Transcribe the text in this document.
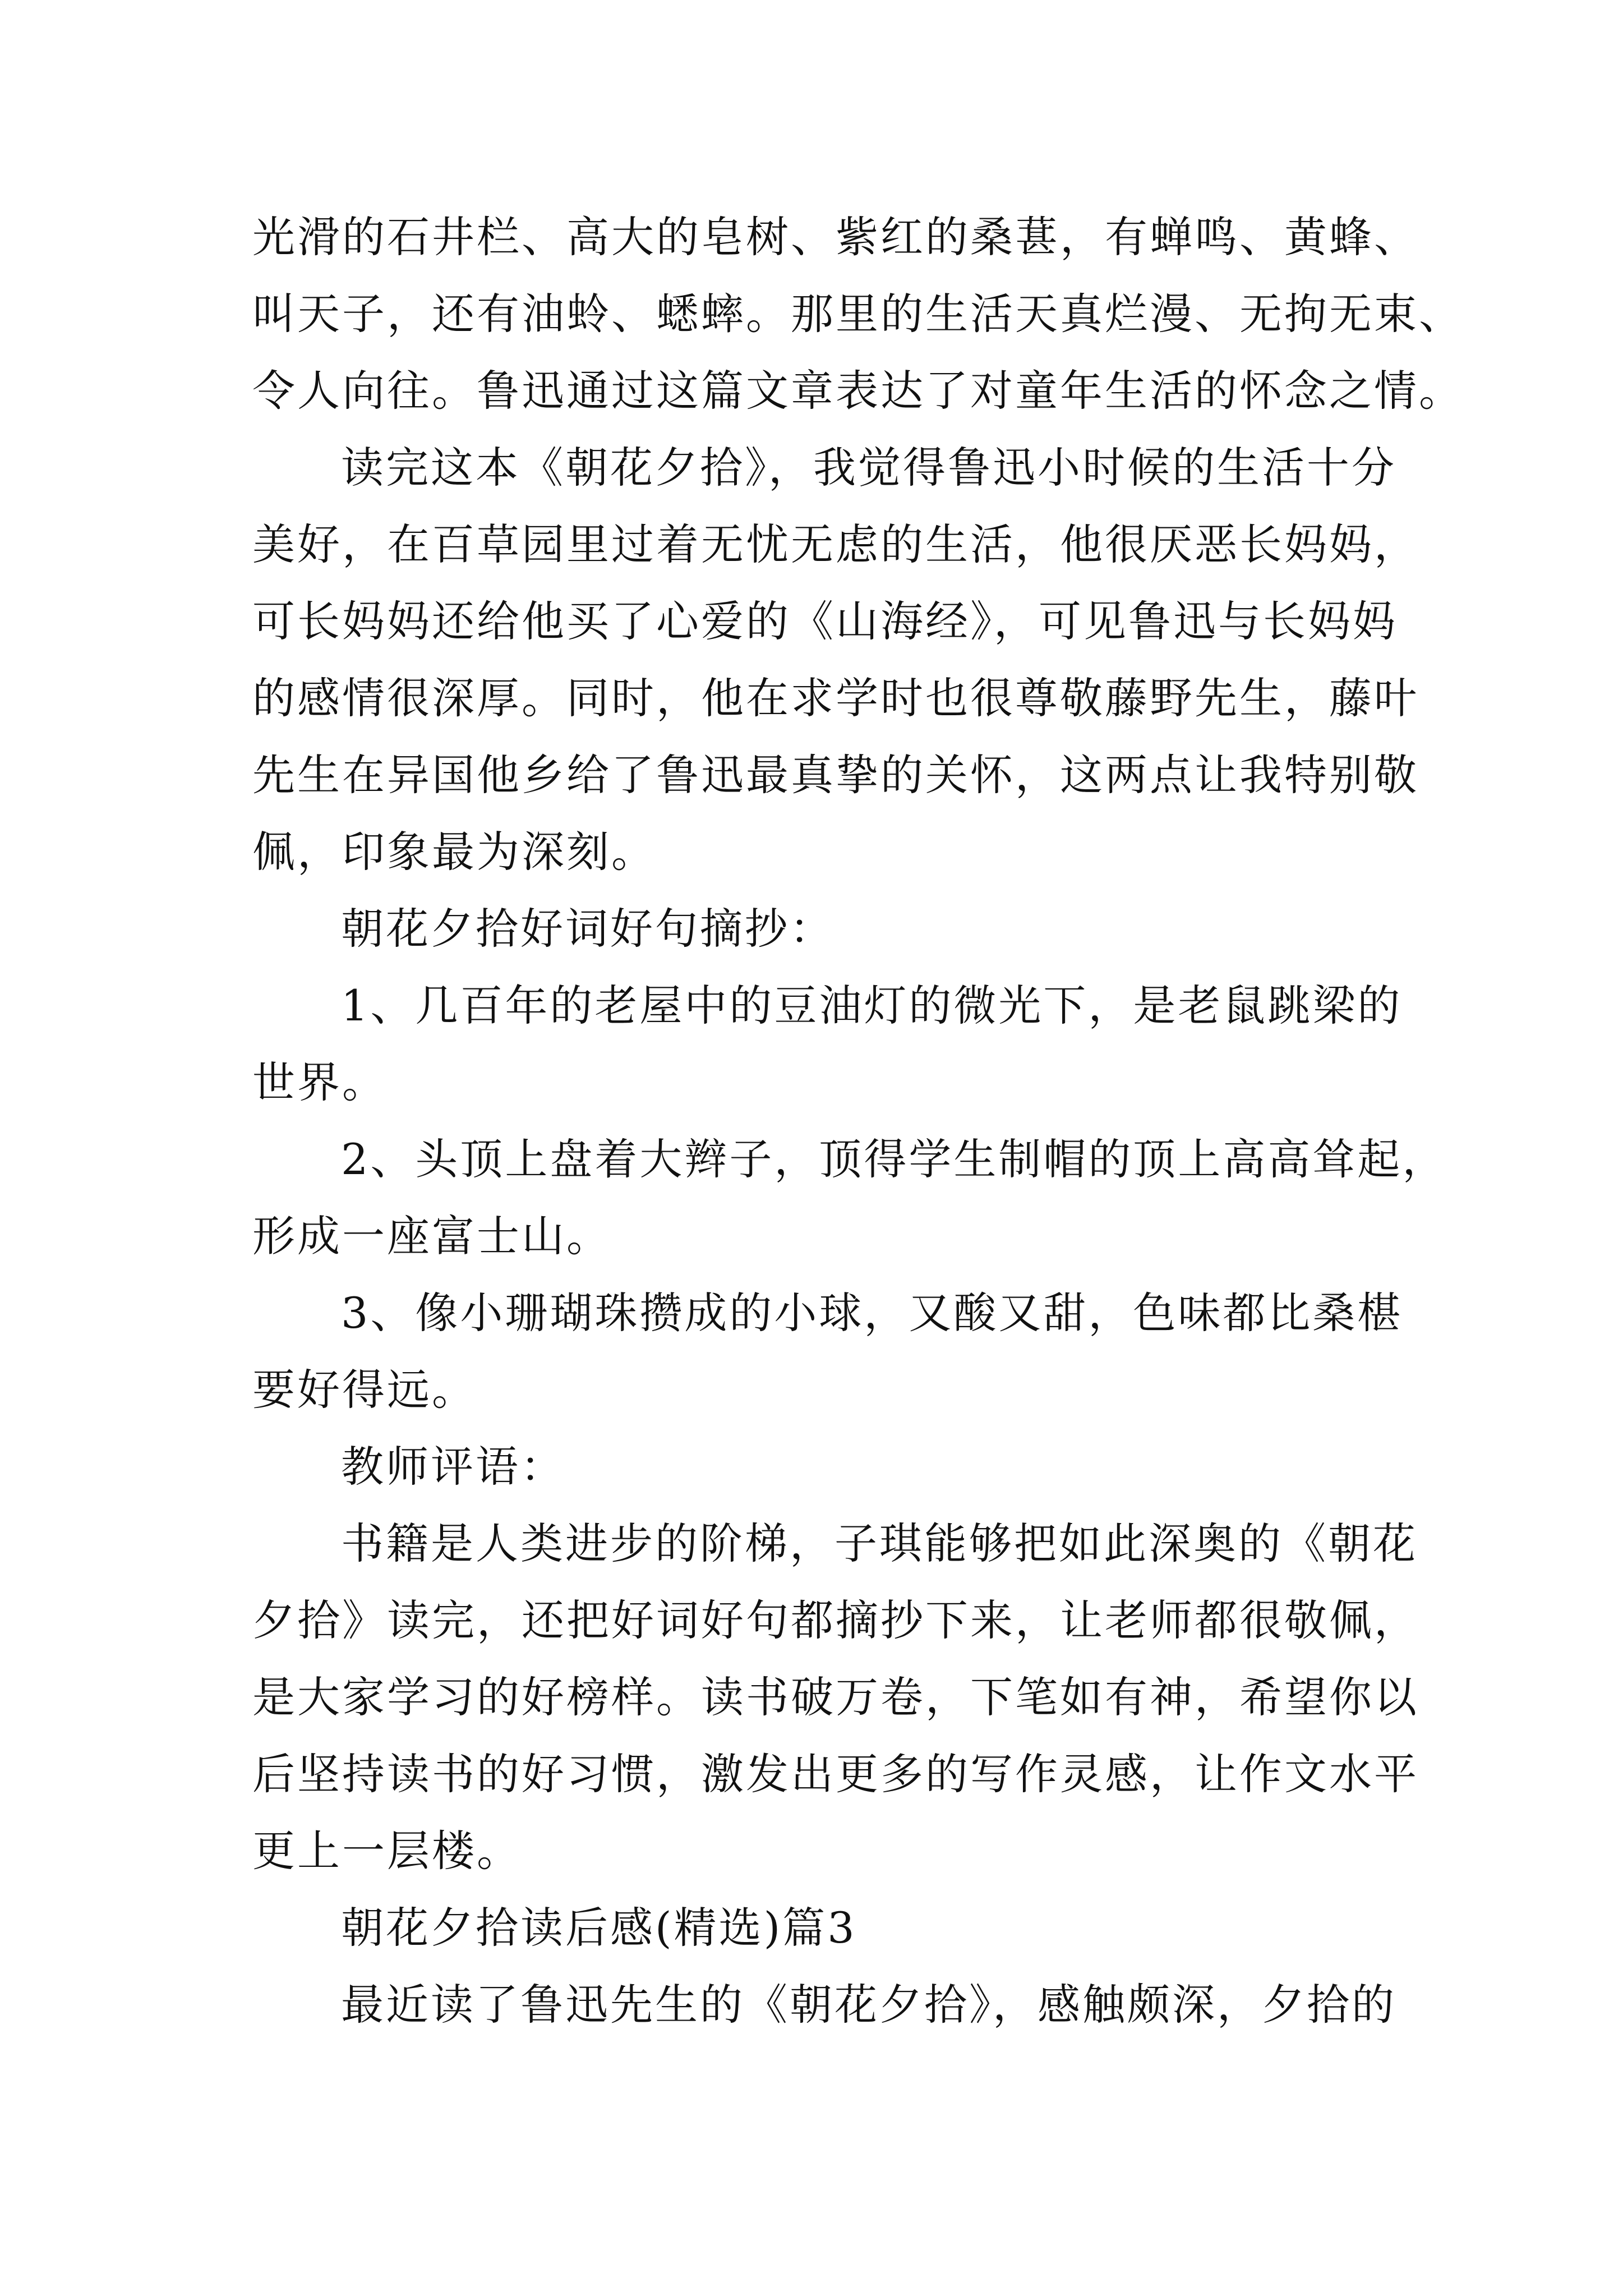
光滑的石井栏、高大的皂树、紫红的桑葚，有蝉鸣、黄蜂、
叫天子，还有油蛉、蟋蟀。那里的生活天真烂漫、无拘无束、
令人向往。鲁迅通过这篇文章表达了对童年生活的怀念之情。
读完这本《朝花夕拾》，我觉得鲁迅小时候的生活十分
美好，在百草园里过着无忧无虑的生活，他很厌恶长妈妈，
可长妈妈还给他买了心爱的《山海经》，可见鲁迅与长妈妈
的感情很深厚。同时，他在求学时也很尊敬藤野先生，藤叶
先生在异国他乡给了鲁迅最真挚的关怀，这两点让我特别敬
佩，印象最为深刻。
朝花夕拾好词好句摘抄：
1、几百年的老屋中的豆油灯的微光下，是老鼠跳梁的
世界。
2、头顶上盘着大辫子，顶得学生制帽的顶上高高耸起，
形成一座富士山。
3、像小珊瑚珠攒成的小球，又酸又甜，色味都比桑椹
要好得远。
教师评语：
书籍是人类进步的阶梯，子琪能够把如此深奥的《朝花
夕拾》读完，还把好词好句都摘抄下来，让老师都很敬佩，
是大家学习的好榜样。读书破万卷，下笔如有神，希望你以
后坚持读书的好习惯，激发出更多的写作灵感，让作文水平
更上一层楼。
朝花夕拾读后感(精选)篇3
最近读了鲁迅先生的《朝花夕拾》，感触颇深，夕拾的
